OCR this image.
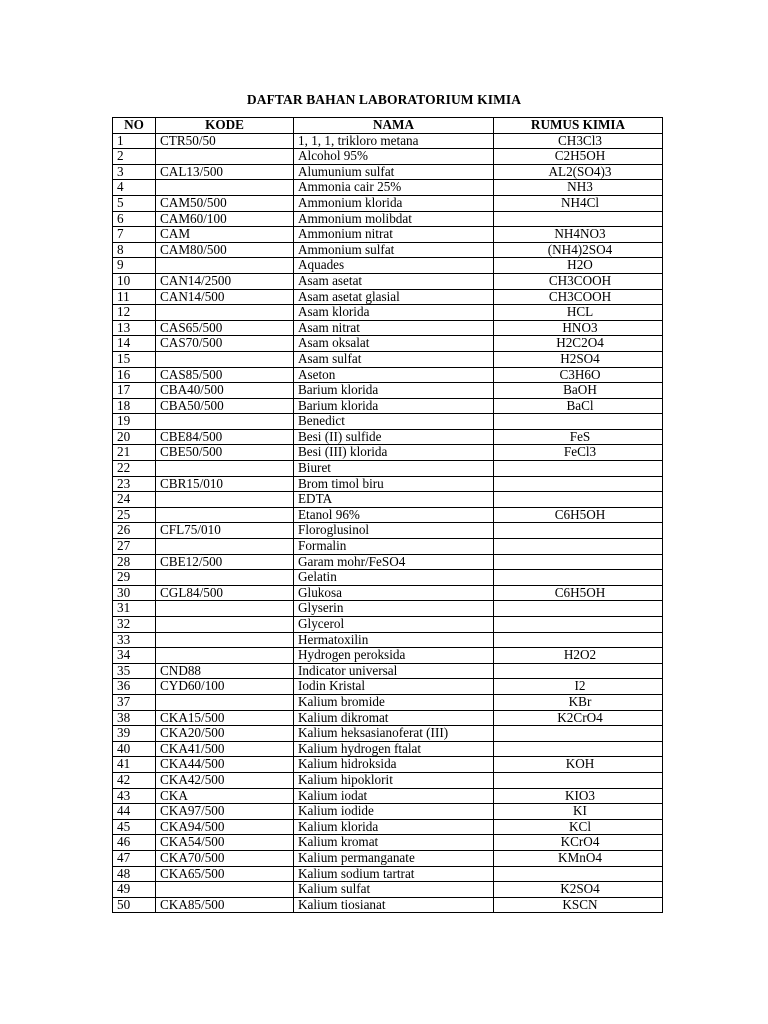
DAFTAR BAHAN LABORATORIUM KIMIA
NO	KODE	NAMA	RUMUS KIMIA
1	CTR50/50	1, 1, 1, trikloro metana	CH3Cl3
2		Alcohol 95%	C2H5OH
3	CAL13/500	Alumunium sulfat	AL2(SO4)3
4		Ammonia cair 25%	NH3
5	CAM50/500	Ammonium klorida	NH4Cl
6	CAM60/100	Ammonium molibdat	
7	CAM	Ammonium nitrat	NH4NO3
8	CAM80/500	Ammonium sulfat	(NH4)2SO4
9		Aquades	H2O
10	CAN14/2500	Asam asetat	CH3COOH
11	CAN14/500	Asam asetat glasial	CH3COOH
12		Asam klorida	HCL
13	CAS65/500	Asam nitrat	HNO3
14	CAS70/500	Asam oksalat	H2C2O4
15		Asam sulfat	H2SO4
16	CAS85/500	Aseton	C3H6O
17	CBA40/500	Barium klorida	BaOH
18	CBA50/500	Barium klorida	BaCl
19		Benedict	
20	CBE84/500	Besi (II) sulfide	FeS
21	CBE50/500	Besi (III) klorida	FeCl3
22		Biuret	
23	CBR15/010	Brom timol biru	
24		EDTA	
25		Etanol 96%	C6H5OH
26	CFL75/010	Floroglusinol	
27		Formalin	
28	CBE12/500	Garam mohr/FeSO4	
29		Gelatin	
30	CGL84/500	Glukosa	C6H5OH
31		Glyserin	
32		Glycerol	
33		Hermatoxilin	
34		Hydrogen peroksida	H2O2
35	CND88	Indicator universal	
36	CYD60/100	Iodin Kristal	I2
37		Kalium bromide	KBr
38	CKA15/500	Kalium dikromat	K2CrO4
39	CKA20/500	Kalium heksasianoferat (III)	
40	CKA41/500	Kalium hydrogen ftalat	
41	CKA44/500	Kalium hidroksida	KOH
42	CKA42/500	Kalium hipoklorit	
43	CKA	Kalium iodat	KIO3
44	CKA97/500	Kalium iodide	KI
45	CKA94/500	Kalium klorida	KCl
46	CKA54/500	Kalium kromat	KCrO4
47	CKA70/500	Kalium permanganate	KMnO4
48	CKA65/500	Kalium sodium tartrat	
49		Kalium sulfat	K2SO4
50	CKA85/500	Kalium tiosianat	KSCN
